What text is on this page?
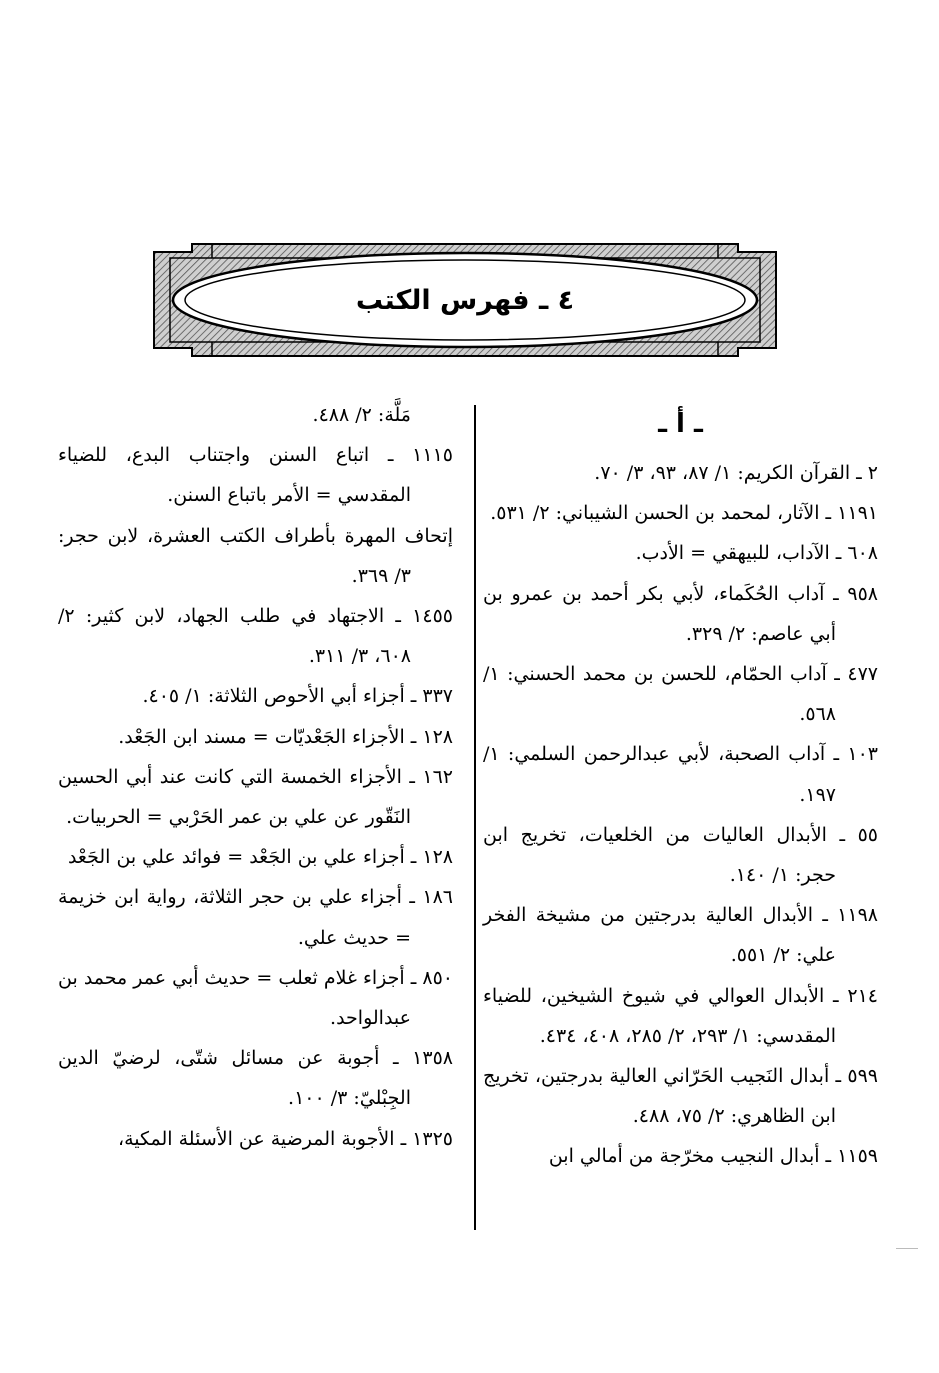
٤ ـ فهرس الكتب

ـ أ ـ

٢ ـ القرآن الكريم: ١/ ٨٧، ٩٣، ٣/ ٧٠.

١١٩١ ـ الآثار، لمحمد بن الحسن الشيباني: ٢/ ٥٣١.

٦٠٨ ـ الآداب، للبيهقي = الأدب.

٩٥٨ ـ آداب الحُكَماء، لأبي بكر أحمد بن عمرو بن أبي عاصم: ٢/ ٣٢٩.

٤٧٧ ـ آداب الحمّام، للحسن بن محمد الحسني: ١/ ٥٦٨.

١٠٣ ـ آداب الصحبة، لأبي عبدالرحمن السلمي: ١/ ١٩٧.

٥٥ ـ الأبدال العاليات من الخلعيات، تخريج ابن حجر: ١/ ١٤٠.

١١٩٨ ـ الأبدال العالية بدرجتين من مشيخة الفخر علي: ٢/ ٥٥١.

٢١٤ ـ الأبدال العوالي في شيوخ الشيخين، للضياء المقدسي: ١/ ٢٩٣، ٢/ ٢٨٥، ٤٠٨، ٤٣٤.

٥٩٩ ـ أبدال النَجيب الحَرّاني العالية بدرجتين، تخريج ابن الظاهري: ٢/ ٧٥، ٤٨٨.

١١٥٩ ـ أبدال النجيب مخرّجة من أمالي ابن

مَلَّة: ٢/ ٤٨٨.

١١١٥ ـ اتباع السنن واجتناب البدع، للضياء المقدسي = الأمر باتباع السنن.

إتحاف المهرة بأطراف الكتب العشرة، لابن حجر: ٣/ ٣٦٩.

١٤٥٥ ـ الاجتهاد في طلب الجهاد، لابن كثير: ٢/ ٦٠٨، ٣/ ٣١١.

٣٣٧ ـ أجزاء أبي الأحوص الثلاثة: ١/ ٤٠٥.

١٢٨ ـ الأجزاء الجَعْديّات = مسند ابن الجَعْد.

١٦٢ ـ الأجزاء الخمسة التي كانت عند أبي الحسين النَقّور عن علي بن عمر الحَرْبي = الحربيات.

١٢٨ ـ أجزاء علي بن الجَعْد = فوائد علي بن الجَعْد

١٨٦ ـ أجزاء علي بن حجر الثلاثة، رواية ابن خزيمة = حديث علي.

٨٥٠ ـ أجزاء غلام ثعلب = حديث أبي عمر محمد بن عبدالواحد.

١٣٥٨ ـ أجوبة عن مسائل شتّى، لرضيّ الدين الجِبْليّ: ٣/ ١٠٠.

١٣٢٥ ـ الأجوبة المرضية عن الأسئلة المكية،
